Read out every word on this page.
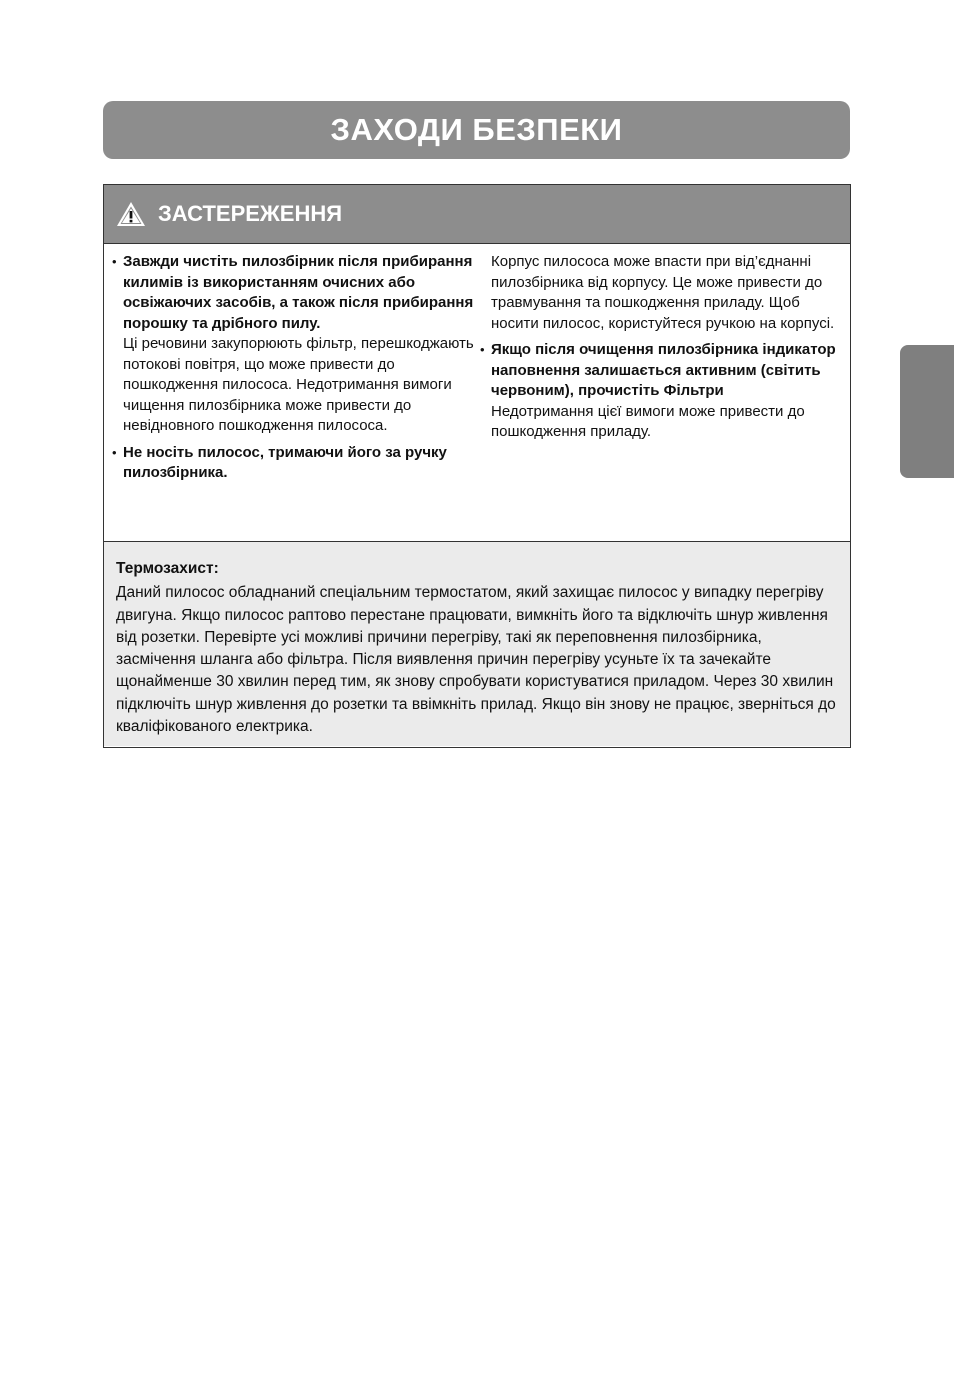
ЗАХОДИ БЕЗПЕКИ
ЗАСТЕРЕЖЕННЯ
• Завжди чистіть пилозбірник після прибирання килимів із використанням очисних або освіжаючих засобів, а також після прибирання порошку та дрібного пилу.

Ці речовини закупорюють фільтр, перешкоджають потокові повітря, що може привести до пошкодження пилососа. Недотримання вимоги чищення пилозбірника може привести до невідновного пошкодження пилососа.

• Не носіть пилосос, тримаючи його за ручку пилозбірника.

Корпус пилососа може впасти при від’єднанні пилозбірника від корпусу. Це може привести до травмування та пошкодження приладу. Щоб носити пилосос, користуйтеся ручкою на корпусі.

• Якщо після очищення пилозбірника індикатор наповнення залишається активним (світить червоним), прочистіть Фільтри

Недотримання цієї вимоги може привести до пошкодження приладу.

Термозахист:

Даний пилосос обладнаний спеціальним термостатом, який захищає пилосос у випадку перегріву двигуна. Якщо пилосос раптово перестане працювати, вимкніть його та відключіть шнур живлення від розетки. Перевірте усі можливі причини перегріву, такі як переповнення пилозбірника, засмічення шланга або фільтра. Після виявлення причин перегріву усуньте їх та зачекайте щонайменше 30 хвилин перед тим, як знову спробувати користуватися приладом. Через 30 хвилин підключіть шнур живлення до розетки та ввімкніть прилад. Якщо він знову не працює, зверніться до кваліфікованого електрика.
